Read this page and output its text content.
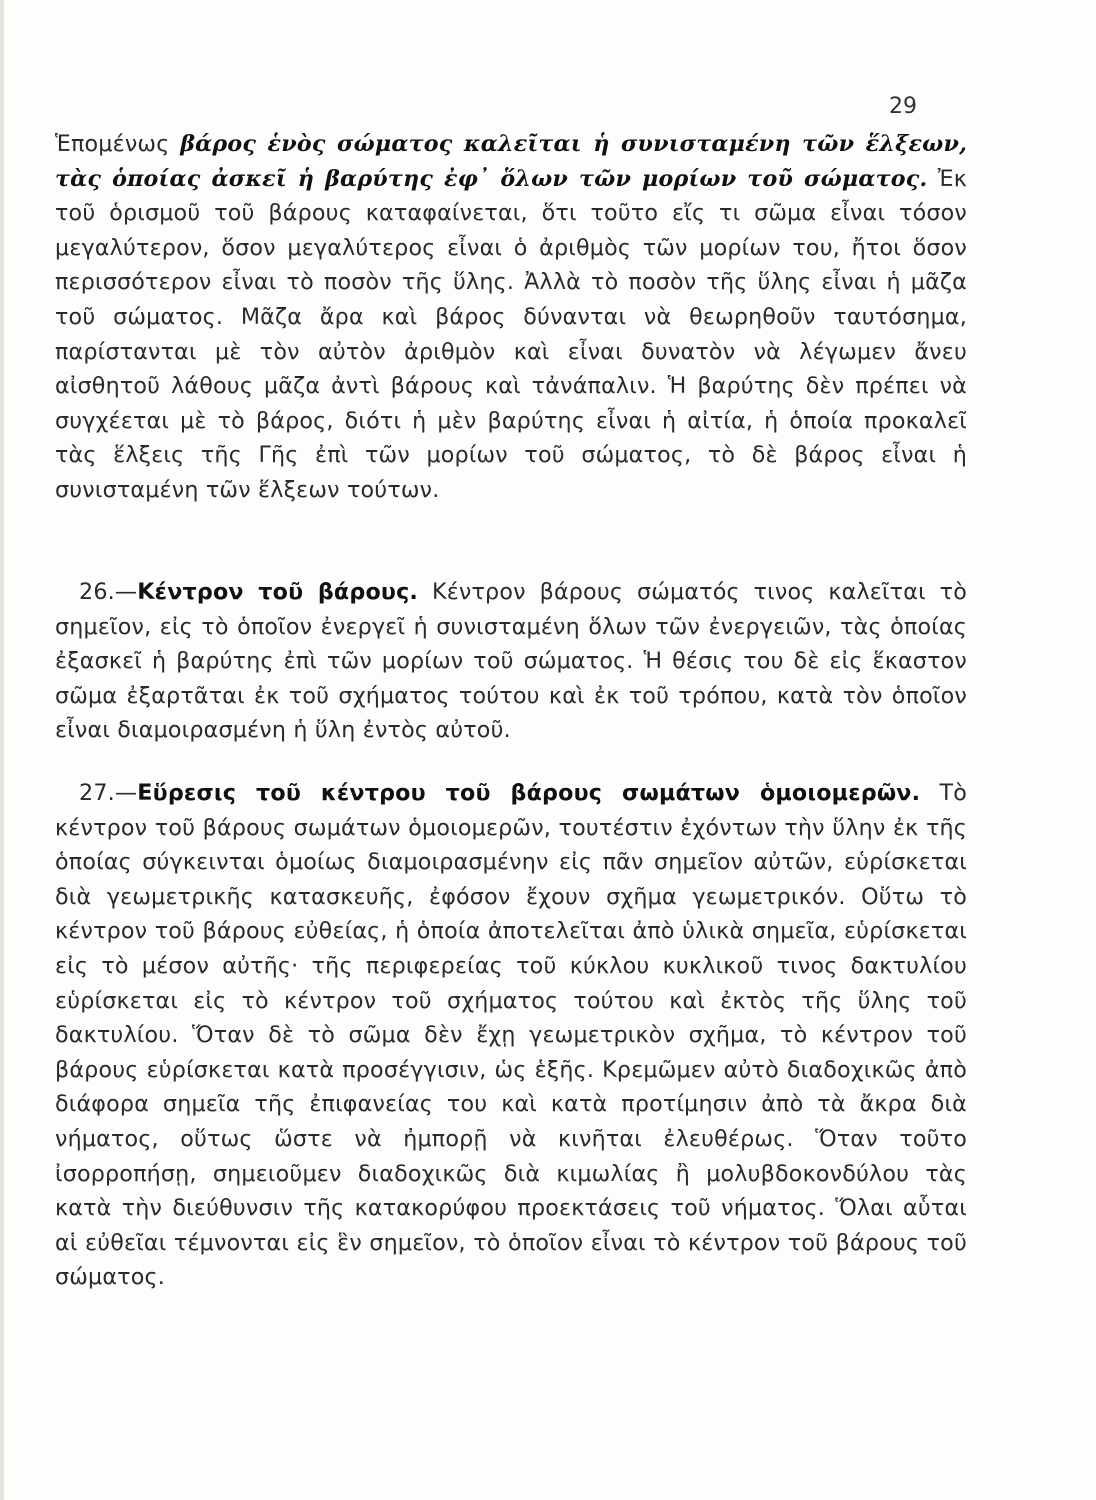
29

Ἑπομένως βάρος ἑνὸς σώματος καλεῖται ἡ συνισταμένη τῶν ἕλξεων, τὰς ὁποίας ἀσκεῖ ἡ βαρύτης ἐφ᾽ ὅλων τῶν μορίων τοῦ σώματος. Ἐκ τοῦ ὁρισμοῦ τοῦ βάρους καταφαίνεται, ὅτι τοῦτο εἴς τι σῶμα εἶναι τόσον μεγαλύτερον, ὅσον μεγαλύτερος εἶναι ὁ ἀριθμὸς τῶν μορίων του, ἤτοι ὅσον περισσότερον εἶναι τὸ ποσὸν τῆς ὕλης. Ἀλλὰ τὸ ποσὸν τῆς ὕλης εἶναι ἡ μᾶζα τοῦ σώματος. Μᾶζα ἄρα καὶ βάρος δύνανται νὰ θεωρηθοῦν ταυτόσημα, παρίστανται μὲ τὸν αὐτὸν ἀριθμὸν καὶ εἶναι δυνατὸν νὰ λέγωμεν ἄνευ αἰσθητοῦ λάθους μᾶζα ἀντὶ βάρους καὶ τἀνάπαλιν. Ἡ βαρύτης δὲν πρέπει νὰ συγχέεται μὲ τὸ βάρος, διότι ἡ μὲν βαρύτης εἶναι ἡ αἰτία, ἡ ὁποία προκαλεῖ τὰς ἕλξεις τῆς Γῆς ἐπὶ τῶν μορίων τοῦ σώματος, τὸ δὲ βάρος εἶναι ἡ συνισταμένη τῶν ἕλξεων τούτων.

26.—Κέντρον τοῦ βάρους. Κέντρον βάρους σώματός τινος καλεῖται τὸ σημεῖον, εἰς τὸ ὁποῖον ἐνεργεῖ ἡ συνισταμένη ὅλων τῶν ἐνεργειῶν, τὰς ὁποίας ἐξασκεῖ ἡ βαρύτης ἐπὶ τῶν μορίων τοῦ σώματος. Ἡ θέσις του δὲ εἰς ἕκαστον σῶμα ἐξαρτᾶται ἐκ τοῦ σχήματος τούτου καὶ ἐκ τοῦ τρόπου, κατὰ τὸν ὁποῖον εἶναι διαμοιρασμένη ἡ ὕλη ἐντὸς αὐτοῦ.

27.—Εὕρεσις τοῦ κέντρου τοῦ βάρους σωμάτων ὁμοιομερῶν. Τὸ κέντρον τοῦ βάρους σωμάτων ὁμοιομερῶν, τουτέστιν ἐχόντων τὴν ὕλην ἐκ τῆς ὁποίας σύγκεινται ὁμοίως διαμοιρασμένην εἰς πᾶν σημεῖον αὐτῶν, εὑρίσκεται διὰ γεωμετρικῆς κατασκευῆς, ἐφόσον ἔχουν σχῆμα γεωμετρικόν. Οὕτω τὸ κέντρον τοῦ βάρους εὐθείας, ἡ ὁποία ἀποτελεῖται ἀπὸ ὑλικὰ σημεῖα, εὑρίσκεται εἰς τὸ μέσον αὐτῆς· τῆς περιφερείας τοῦ κύκλου κυκλικοῦ τινος δακτυλίου εὑρίσκεται εἰς τὸ κέντρον τοῦ σχήματος τούτου καὶ ἐκτὸς τῆς ὕλης τοῦ δακτυλίου. Ὅταν δὲ τὸ σῶμα δὲν ἔχῃ γεωμετρικὸν σχῆμα, τὸ κέντρον τοῦ βάρους εὑρίσκεται κατὰ προσέγγισιν, ὡς ἑξῆς. Κρεμῶμεν αὐτὸ διαδοχικῶς ἀπὸ διάφορα σημεῖα τῆς ἐπιφανείας του καὶ κατὰ προτίμησιν ἀπὸ τὰ ἄκρα διὰ νήματος, οὕτως ὥστε νὰ ἠμπορῇ νὰ κινῆται ἐλευθέρως. Ὅταν τοῦτο ἰσορροπήσῃ, σημειοῦμεν διαδοχικῶς διὰ κιμωλίας ἢ μολυβδοκονδύλου τὰς κατὰ τὴν διεύθυνσιν τῆς κατακορύφου προεκτάσεις τοῦ νήματος. Ὅλαι αὗται αἱ εὐθεῖαι τέμνονται εἰς ἓν σημεῖον, τὸ ὁποῖον εἶναι τὸ κέντρον τοῦ βάρους τοῦ σώματος.
